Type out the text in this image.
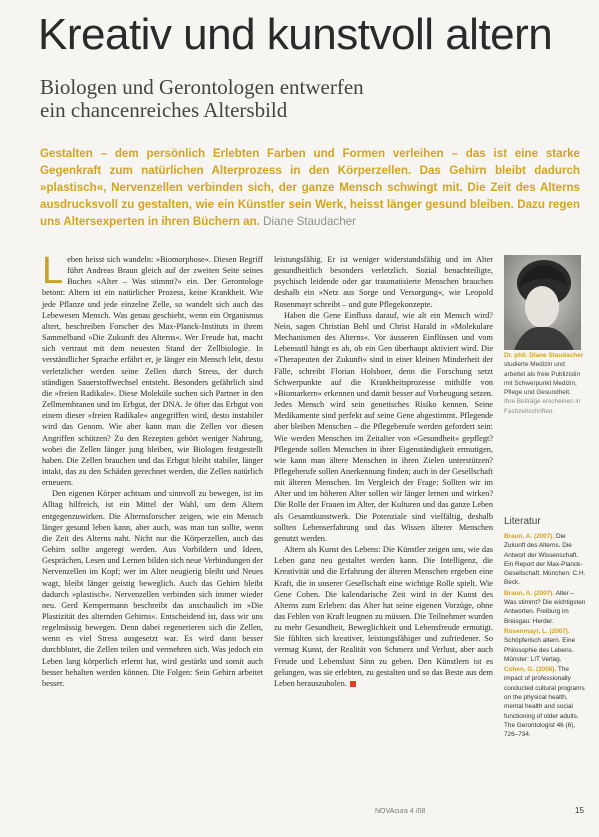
Kreativ und kunstvoll altern
Biologen und Gerontologen entwerfen
ein chancenreiches Altersbild
Gestalten – dem persönlich Erlebten Farben und Formen verleihen – das ist eine starke Gegenkraft zum natürlichen Alterprozess in den Körperzellen. Das Gehirn bleibt dadurch »plastisch«, Nervenzellen verbinden sich, der ganze Mensch schwingt mit. Die Zeit des Alterns ausdrucksvoll zu gestalten, wie ein Künstler sein Werk, heisst länger gesund bleiben. Dazu regen uns Altersexperten in ihren Büchern an. Diane Staudacher
L eben heisst sich wandeln: »Biomorphose«. Diesen Begriff führt Andreas Braun gleich auf der zweiten Seite seines Buches »Alter – Was stimmt?« ein. Der Gerontologe betont: Altern ist ein natürlicher Prozess, keine Krankheit. Wie jede Pflanze und jede einzelne Zelle, so wandelt sich auch das Lebewesen Mensch. Was genau geschieht, wenn ein Organismus altert, beschreiben Forscher des Max-Planck-Instituts in ihrem Sammelband »Die Zukunft des Alterns«. Wer Freude hat, macht sich vertraut mit dem neuesten Stand der Zellbiologie. In verständlicher Sprache erfährt er, je länger ein Mensch lebt, desto verletzlicher werden seine Zellen durch Stress, der durch ständigen Sauerstoffwechsel entsteht. Besonders gefährlich sind die »freien Radikale«. Diese Moleküle suchen sich Partner in den Zellmembranen und im Erbgut, der DNA. Je öfter das Erbgut von einem dieser »freien Radikale« angegriffen wird, desto instabiler wird das Genom. Wie aber kann man die Zellen vor diesen Angriffen schützen? Zu den Rezepten gehört weniger Nahrung, wobei die Zellen länger jung bleiben, wie Biologen festgestellt haben. Die Zellen brauchen und das Erbgut bleibt stabiler, länger intakt, das zu den Schäden gerechnet werden, die Zellen natürlich erneuern.

Den eigenen Körper achtsam und sinnvoll zu bewegen, ist im Alltag hilfreich, ist ein Mittel der Wahl, um dem Altern entgegenzuwirken. Die Alternsforscher zeigen, wie ein Mensch länger gesund leben kann, aber auch, was man tun sollte, wenn die Zeit des Alterns naht. Nicht nur die Körperzellen, auch das Gehirn sollte angeregt werden. Aus Vorbildern und Ideen, Gesprächen, Lesen und Lernen bilden sich neue Verbindungen der Nervenzellen im Kopf; wer im Alter neugierig bleibt und Neues wagt, bleibt länger geistig beweglich. Auch das Gehirn bleibt dadurch »plastisch«. Nervenzellen verbinden sich immer wieder neu. Gerd Kempermann beschreibt das anschaulich im »Die Plastizität des alternden Gehirns«. Entscheidend ist, dass wir uns regelmässig bewegen. Denn dabei regenerieren sich die Zellen, wenn es viel Stress ausgesetzt war. Es wird dann besser durchblutet, die Zellen teilen und vermehren sich. Was jedoch ein Leben lang körperlich erlernt hat, wird gestärkt und somit auch besser behalten werden können. Die Folgen: Sein Gehirn arbeitet besser.

leistungsfähig. Er ist weniger widerstandsfähig und im Alter gesundheitlich besonders verletzlich. Sozial benachteiligte, psychisch leidende oder gar traumatisierte Menschen brauchen deshalb ein »Netz aus Sorge und Versorgung«, wie Leopold Rosenmayr schreibt – und gute Pflegekonzepte.

Haben die Gene Einfluss darauf, wie alt ein Mensch wird? Nein, sagen Christian Behl und Christ Harald in »Molekulare Mechanismen des Alterns«. Vor äusseren Einflüssen und vom Lebensstil hängt es ab, ob ein Gen überhaupt aktiviert wird. Die »Therapeuten der Zukunft« sind in einer kleinen Minderheit der Fälle, schreibt Florian Holsboer, denn die Forschung setzt Schwerpunkte auf die Krankheitsprozesse mithilfe von »Biomarkern« erkennen und damit besser auf Vorbeugung setzen. Jedes Mensch wird sein genetisches Risiko kennen. Seine Medikamente sind perfekt auf seine Gene abgestimmt. Pflegende aber bleiben Menschen – die Pflegeberufe werden gefordert sein: Wie werden Menschen im Zeitalter von »Gesundheit« gepflegt? Pflegende sollen Menschen in ihrer Eigenständigkeit ermutigen, wie kann man ältere Menschen in ihren Zielen unterstützen? Pflegeberufe sollen Anerkennung finden; auch in der Gesellschaft mit älteren Menschen. Im Vergleich der Frage: Sollten wir im Alter und im höheren Alter sollen wir länger lernen und wirken? Die Rolle der Frauen im Alter, der Kulturen und das ganze Leben als Gesamtkunstwerk. Die Potenziale sind vielfältig, deshalb sollten Lebenserfahrung und das Wissen älterer Menschen genutzt werden.

Altern als Kunst des Lebens: Die Künstler zeigen uns, wie das Leben ganz neu gestaltet werden kann. Die Intelligenz, die Kreativität und die Erfahrung der älteren Menschen ergeben eine Kraft, die in unserer Gesellschaft eine wichtige Rolle spielt. Wie Gene Cohen. Die kalendarische Zeit wird in der Kunst des Alterns zum Erleben: das Alter hat seine eigenen Vorzüge, ohne das Fehlen von Kraft leugnen zu müssen. Die Teilnehmer wurden zu mehr Gesundheit, Beweglichkeit und Lebensfreude ermutigt. Sie fühlten sich kreativer, leistungsfähiger und zufriedener. So vermag Kunst, der Realität von Schmerz und Verlust, aber auch Freude und Lebenslust Sinn zu geben. Den Künstlern ist es gelungen, was sie erlebten, zu gestalten und so das Beste aus dem Leben herauszuholen.

Dr. phil. Diane Staudacher
studierte Medizin und arbeitet als freie Publizistin mit Schwerpunkt Medizin, Pflege und Gesundheit.
Ihre Beiträge erscheinen in Fachzeitschriften.
Literatur
Braun, A. (2007). Die Zukunft des Alterns. Die Antwort der Wissenschaft. Ein Report der Max-Planck-Gesellschaft. München: C.H. Beck.
Braun, A. (2007). Alter – Was stimmt? Die wichtigsten Antworten. Freiburg im Breisgau: Herder.
Rosenmayr, L. (2007). Schöpferisch altern. Eine Philosophie des Lebens. Münster: LIT Verlag.
Cohen, G. (2006). The impact of professionally conducted cultural programs on the physical health, mental health and social functioning of older adults. The Gerontologist 46 (6), 726–734.
NOVAcura 4 /08	15
